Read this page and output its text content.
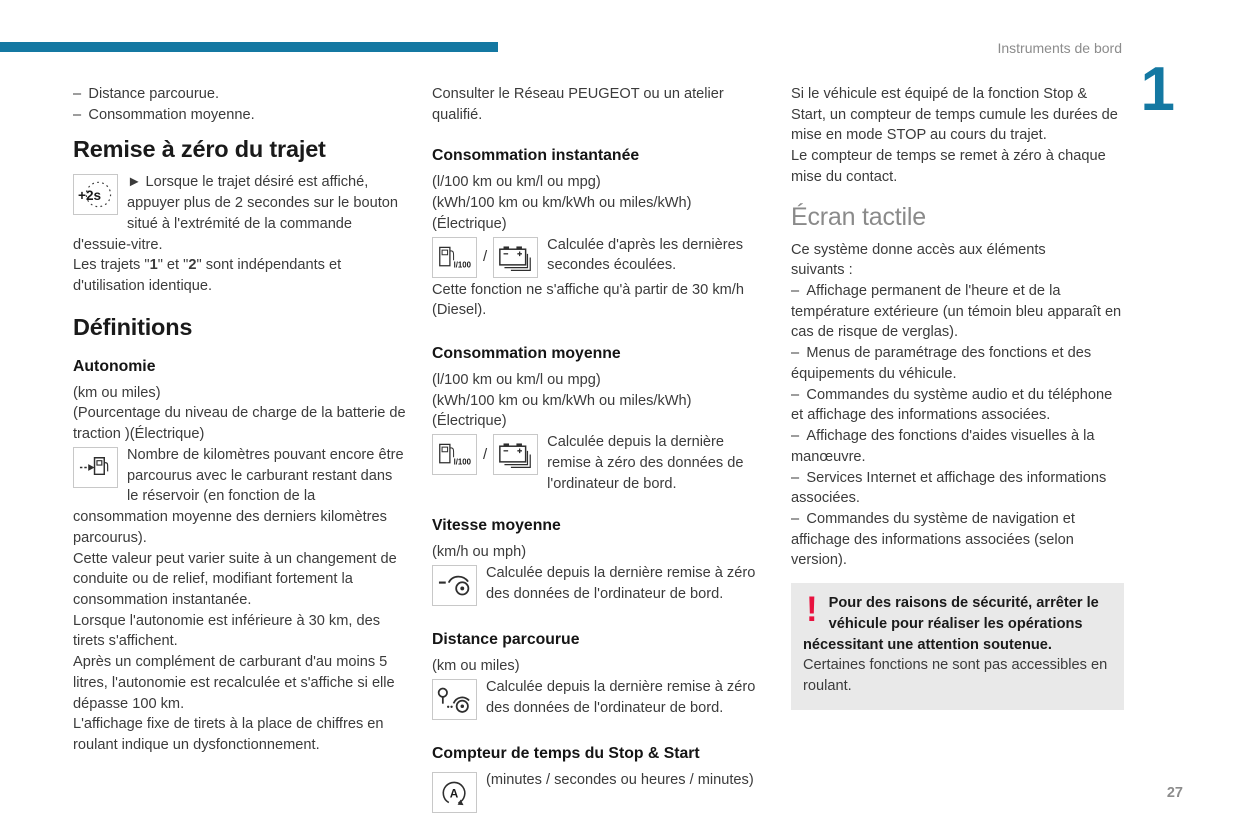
Instruments de bord
1

– Distance parcourue.

– Consommation moyenne.

Remise à zéro du trajet
+2s
► Lorsque le trajet désiré est affiché, appuyer plus de 2 secondes sur le bouton situé à l'extrémité de la commande d'essuie-vitre.

Les trajets "1" et "2" sont indépendants et d'utilisation identique.

Définitions
Autonomie

(km ou miles)

(Pourcentage du niveau de charge de la batterie de traction )(Électrique)

Nombre de kilomètres pouvant encore être parcourus avec le carburant restant dans le réservoir (en fonction de la consommation moyenne des derniers kilomètres parcourus).

Cette valeur peut varier suite à un changement de conduite ou de relief, modifiant fortement la consommation instantanée.

Lorsque l'autonomie est inférieure à 30 km, des tirets s'affichent.

Après un complément de carburant d'au moins 5 litres, l'autonomie est recalculée et s'affiche si elle dépasse 100 km.

L'affichage fixe de tirets à la place de chiffres en roulant indique un dysfonctionnement.

Consulter le Réseau PEUGEOT ou un atelier qualifié.

Consommation instantanée

(l/100 km ou km/l ou mpg)

(kWh/100 km ou km/kWh ou miles/kWh)

(Électrique)

l/100 /
Calculée d'après les dernières secondes écoulées.

Cette fonction ne s'affiche qu'à partir de 30 km/h (Diesel).

Consommation moyenne

(l/100 km ou km/l ou mpg)

(kWh/100 km ou km/kWh ou miles/kWh)

(Électrique)

l/100 /
Calculée depuis la dernière remise à zéro des données de l'ordinateur de bord.
Vitesse moyenne

(km/h ou mph)

Calculée depuis la dernière remise à zéro des données de l'ordinateur de bord.
Distance parcourue

(km ou miles)

Calculée depuis la dernière remise à zéro des données de l'ordinateur de bord.
Compteur de temps du Stop & Start
A
(minutes / secondes ou heures / minutes)

Si le véhicule est équipé de la fonction Stop & Start, un compteur de temps cumule les durées de mise en mode STOP au cours du trajet.

Le compteur de temps se remet à zéro à chaque mise du contact.

Écran tactile

Ce système donne accès aux éléments

suivants :

– Affichage permanent de l'heure et de la température extérieure (un témoin bleu apparaît en cas de risque de verglas).

– Menus de paramétrage des fonctions et des équipements du véhicule.

– Commandes du système audio et du téléphone et affichage des informations associées.

– Affichage des fonctions d'aides visuelles à la manœuvre.

– Services Internet et affichage des informations associées.

– Commandes du système de navigation et affichage des informations associées (selon version).

! Pour des raisons de sécurité, arrêter le véhicule pour réaliser les opérations nécessitant une attention soutenue.

Certaines fonctions ne sont pas accessibles en roulant.

27
